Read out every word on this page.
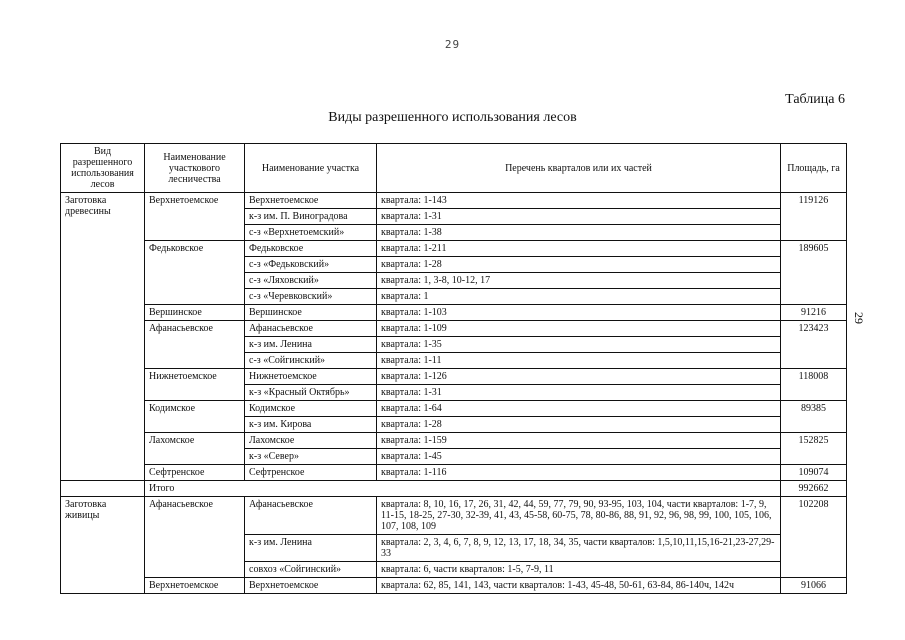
29
Таблица 6
Виды разрешенного использования лесов
29
Вид разрешенного использования лесов	Наименование участкового лесничества	Наименование участка	Перечень кварталов или их частей	Площадь, га
Заготовка древесины	Верхнетоемское	Верхнетоемское	квартала: 1-143	119126
		к-з им. П. Виноградова	квартала: 1-31	
		с-з «Верхнетоемский»	квартала: 1-38	
	Федьковское	Федьковское	квартала: 1-211	189605
		с-з «Федьковский»	квартала: 1-28	
		с-з «Ляховский»	квартала: 1, 3-8, 10-12, 17	
		с-з «Черевковский»	квартала: 1	
	Вершинское	Вершинское	квартала: 1-103	91216
	Афанасьевское	Афанасьевское	квартала: 1-109	123423
		к-з им. Ленина	квартала: 1-35	
		с-з «Сойгинский»	квартала: 1-11	
	Нижнетоемское	Нижнетоемское	квартала: 1-126	118008
		к-з «Красный Октябрь»	квартала: 1-31	
	Кодимское	Кодимское	квартала: 1-64	89385
		к-з им. Кирова	квартала: 1-28	
	Лахомское	Лахомское	квартала: 1-159	152825
		к-з «Север»	квартала: 1-45	
	Сефтренское	Сефтренское	квартала: 1-116	109074
	Итого			992662
Заготовка живицы	Афанасьевское	Афанасьевское	квартала: 8, 10, 16, 17, 26, 31, 42, 44, 59, 77, 79, 90, 93-95, 103, 104, части кварталов: 1-7, 9, 11-15, 18-25, 27-30, 32-39, 41, 43, 45-58, 60-75, 78, 80-86, 88, 91, 92, 96, 98, 99, 100, 105, 106, 107, 108, 109	102208
		к-з им. Ленина	квартала: 2, 3, 4, 6, 7, 8, 9, 12, 13, 17, 18, 34, 35, части кварталов: 1,5,10,11,15,16-21,23-27,29-33	
		совхоз «Сойгинский»	квартала: 6, части кварталов: 1-5, 7-9, 11	
	Верхнетоемское	Верхнетоемское	квартала: 62, 85, 141, 143, части кварталов: 1-43, 45-48, 50-61, 63-84, 86-140ч, 142ч	91066
